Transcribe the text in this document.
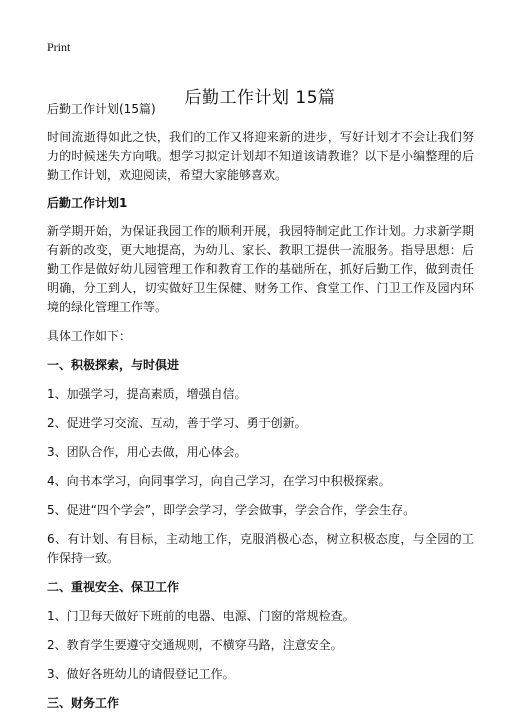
Print
后勤工作计划 15篇

后勤工作计划(15篇)

时间流逝得如此之快，我们的工作又将迎来新的进步，写好计划才不会让我们努力的时候迷失方向哦。想学习拟定计划却不知道该请教谁？以下是小编整理的后勤工作计划，欢迎阅读，希望大家能够喜欢。

后勤工作计划1

新学期开始，为保证我园工作的顺利开展，我园特制定此工作计划。力求新学期有新的改变，更大地提高，为幼儿、家长、教职工提供一流服务。指导思想：后勤工作是做好幼儿园管理工作和教育工作的基础所在，抓好后勤工作，做到责任明确，分工到人，切实做好卫生保健、财务工作、食堂工作、门卫工作及园内环境的绿化管理工作等。

具体工作如下：

一、积极探索，与时俱进

1、加强学习，提高素质，增强自信。

2、促进学习交流、互动，善于学习、勇于创新。

3、团队合作，用心去做，用心体会。

4、向书本学习，向同事学习，向自己学习，在学习中积极探索。

5、促进“四个学会”，即学会学习，学会做事，学会合作，学会生存。

6、有计划、有目标，主动地工作，克服消极心态，树立积极态度，与全园的工作保持一致。

二、重视安全、保卫工作

1、门卫每天做好下班前的电器、电源、门窗的常规检查。

2、教育学生要遵守交通规则，不横穿马路，注意安全。

3、做好各班幼儿的请假登记工作。

三、财务工作
